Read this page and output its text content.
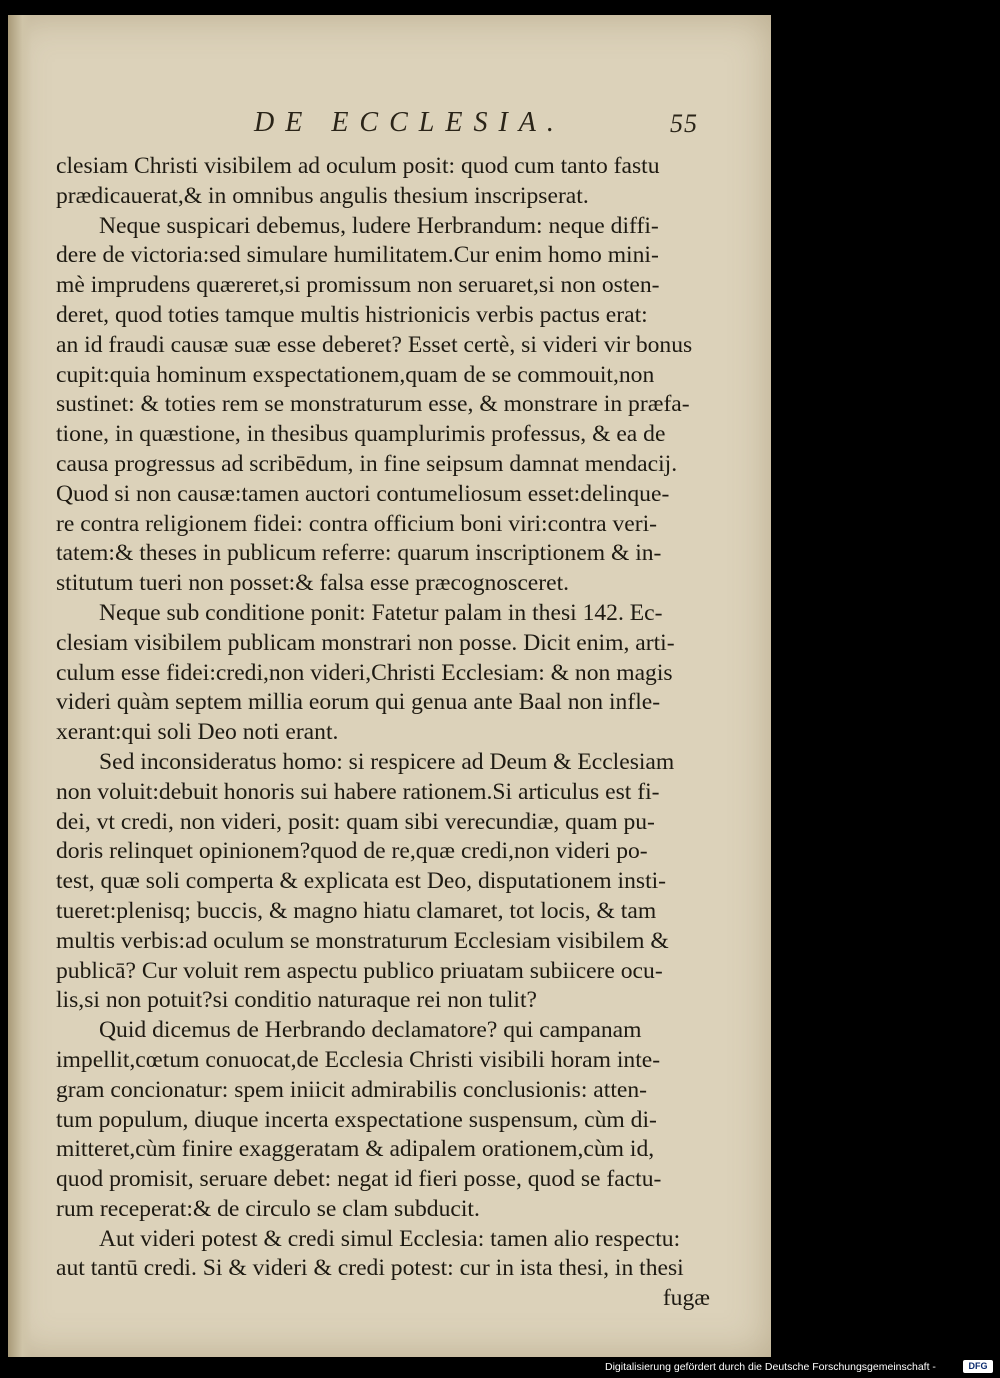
DE ECCLESIA.	55
clesiam Christi visibilem ad oculum posit: quod cum tanto fastu
prædicauerat,& in omnibus angulis thesium inscripserat.
Neque suspicari debemus, ludere Herbrandum: neque diffi-
dere de victoria:sed simulare humilitatem.Cur enim homo mini-
mè imprudens quæreret,si promissum non seruaret,si non osten-
deret, quod toties tamque multis histrionicis verbis pactus erat:
an id fraudi causæ suæ esse deberet? Esset certè, si videri vir bonus
cupit:quia hominum exspectationem,quam de se commouit,non
sustinet: & toties rem se monstraturum esse, & monstrare in præfa-
tione, in quæstione, in thesibus quamplurimis professus, & ea de
causa progressus ad scribēdum, in fine seipsum damnat mendacij.
Quod si non causæ:tamen auctori contumeliosum esset:delinque-
re contra religionem fidei: contra officium boni viri:contra veri-
tatem:& theses in publicum referre: quarum inscriptionem & in-
stitutum tueri non posset:& falsa esse præcognosceret.
Neque sub conditione ponit: Fatetur palam in thesi 142. Ec-
clesiam visibilem publicam monstrari non posse. Dicit enim, arti-
culum esse fidei:credi,non videri,Christi Ecclesiam: & non magis
videri quàm septem millia eorum qui genua ante Baal non infle-
xerant:qui soli Deo noti erant.
Sed inconsideratus homo: si respicere ad Deum & Ecclesiam
non voluit:debuit honoris sui habere rationem.Si articulus est fi-
dei, vt credi, non videri, posit: quam sibi verecundiæ, quam pu-
doris relinquet opinionem?quod de re,quæ credi,non videri po-
test, quæ soli comperta & explicata est Deo, disputationem insti-
tueret:plenisq; buccis, & magno hiatu clamaret, tot locis, & tam
multis verbis:ad oculum se monstraturum Ecclesiam visibilem &
publicā? Cur voluit rem aspectu publico priuatam subiicere ocu-
lis,si non potuit?si conditio naturaque rei non tulit?
Quid dicemus de Herbrando declamatore? qui campanam
impellit,cœtum conuocat,de Ecclesia Christi visibili horam inte-
gram concionatur: spem iniicit admirabilis conclusionis: atten-
tum populum, diuque incerta exspectatione suspensum, cùm di-
mitteret,cùm finire exaggeratam & adipalem orationem,cùm id,
quod promisit, seruare debet: negat id fieri posse, quod se factu-
rum receperat:& de circulo se clam subducit.
Aut videri potest & credi simul Ecclesia: tamen alio respectu:
aut tantū credi. Si & videri & credi potest: cur in ista thesi, in thesi
fugæ
Digitalisierung gefördert durch die Deutsche Forschungsgemeinschaft -	DFG
